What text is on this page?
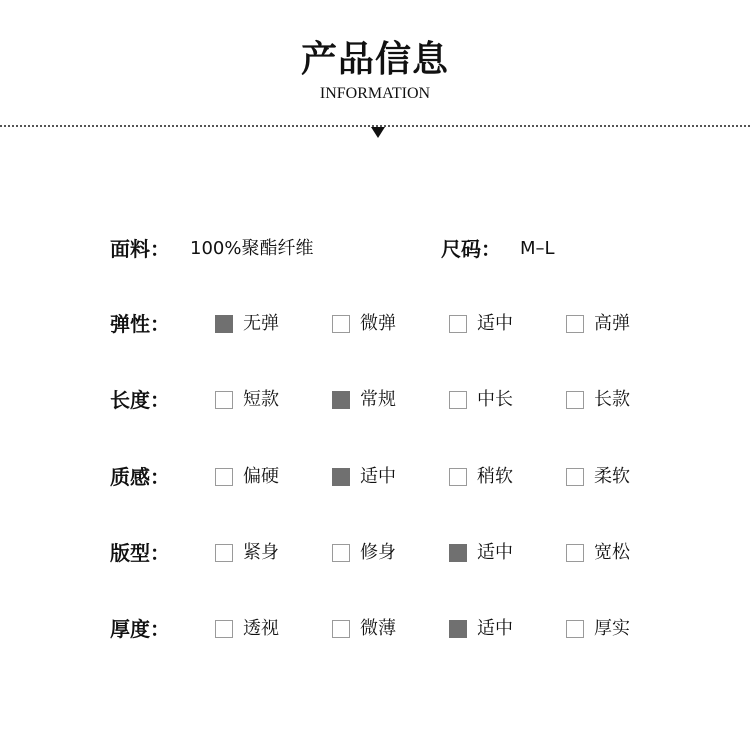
产品信息
INFORMATION
面料： 100%聚酯纤维	尺码： M–L
弹性：	无弹	微弹	适中	高弹
长度：	短款	常规	中长	长款
质感：	偏硬	适中	稍软	柔软
版型：	紧身	修身	适中	宽松
厚度：	透视	微薄	适中	厚实
